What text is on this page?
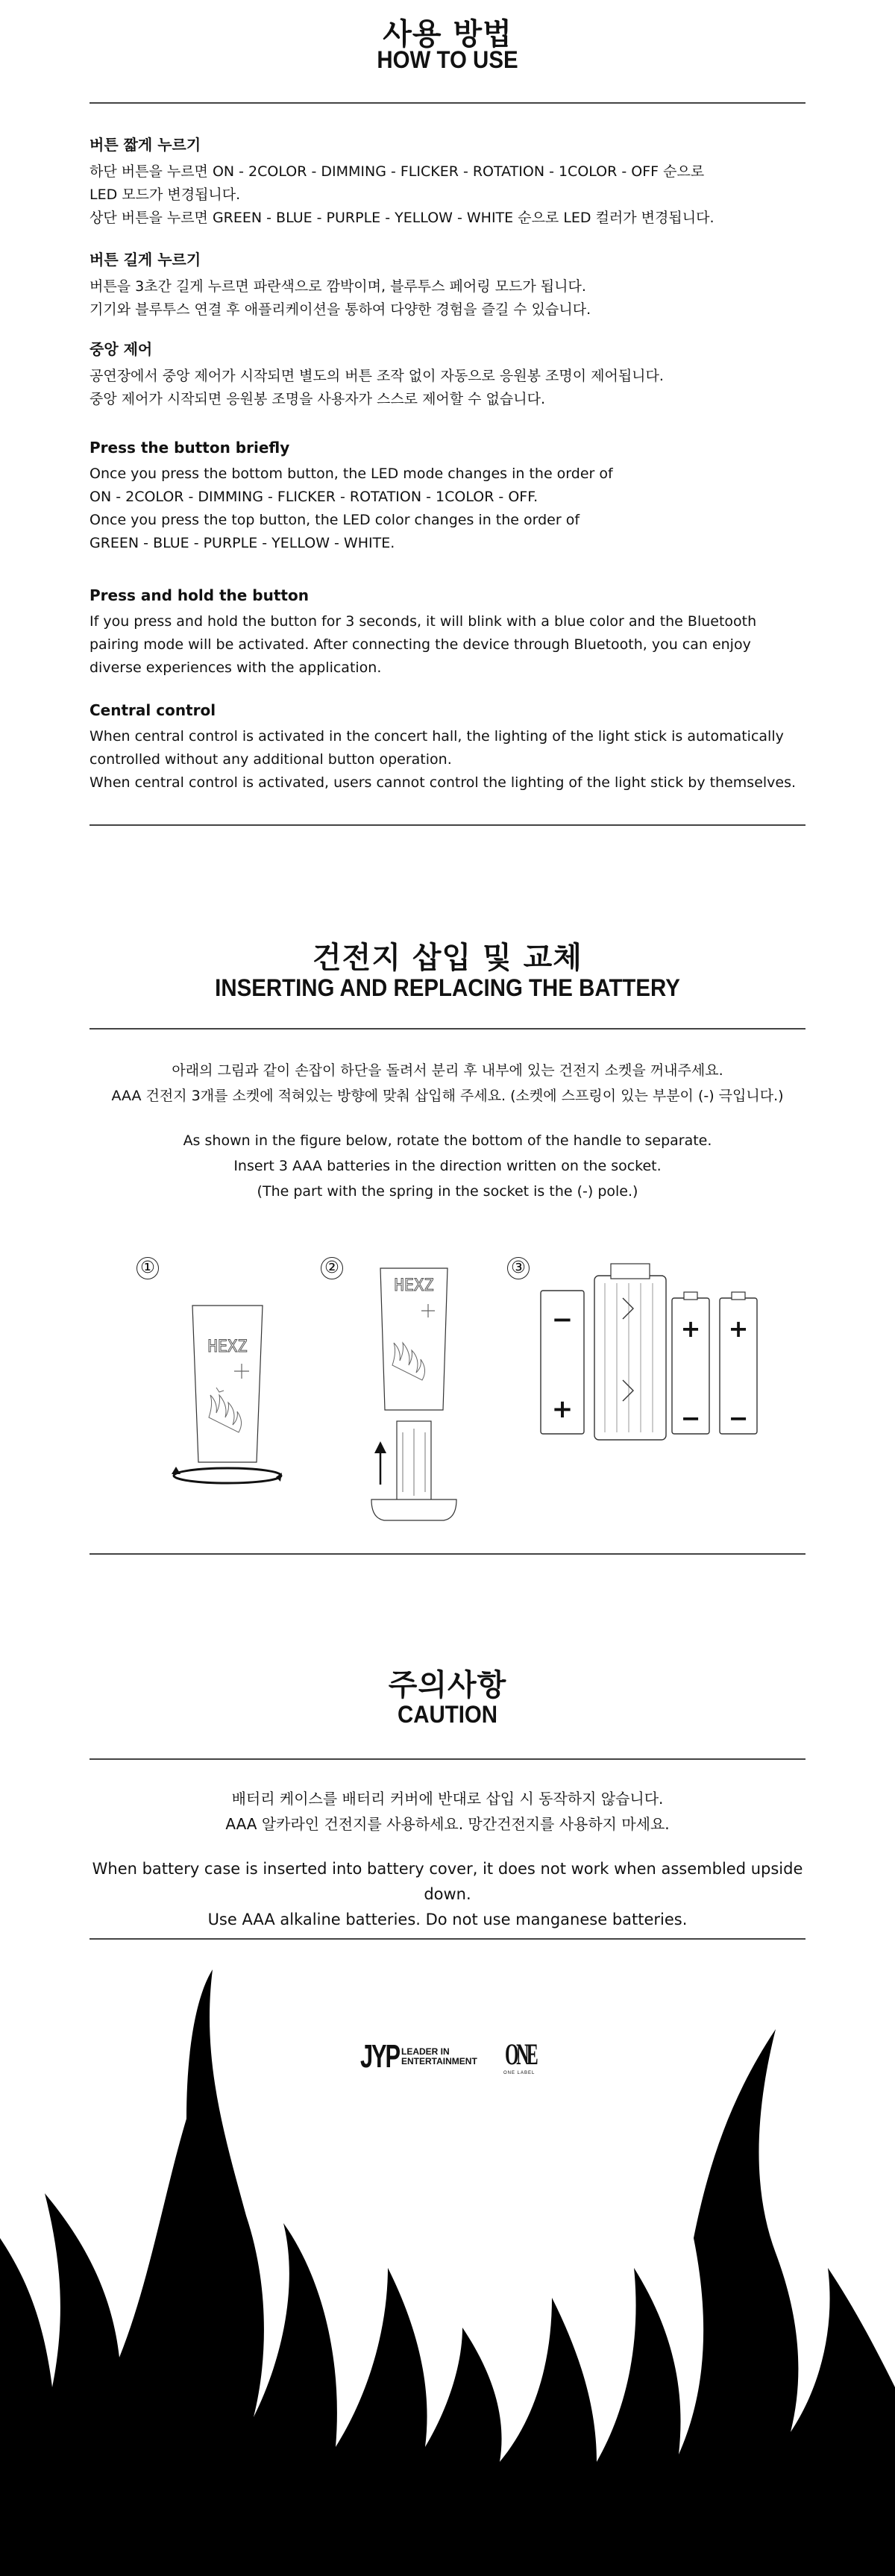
사용 방법
HOW TO USE
버튼 짧게 누르기
하단 버튼을 누르면 ON - 2COLOR - DIMMING - FLICKER - ROTATION - 1COLOR - OFF 순으로
LED 모드가 변경됩니다.
상단 버튼을 누르면 GREEN - BLUE - PURPLE - YELLOW - WHITE 순으로 LED 컬러가 변경됩니다.
버튼 길게 누르기
버튼을 3초간 길게 누르면 파란색으로 깜박이며, 블루투스 페어링 모드가 됩니다.
기기와 블루투스 연결 후 애플리케이션을 통하여 다양한 경험을 즐길 수 있습니다.
중앙 제어
공연장에서 중앙 제어가 시작되면 별도의 버튼 조작 없이 자동으로 응원봉 조명이 제어됩니다.
중앙 제어가 시작되면 응원봉 조명을 사용자가 스스로 제어할 수 없습니다.
Press the button briefly
Once you press the bottom button, the LED mode changes in the order of
ON - 2COLOR - DIMMING - FLICKER - ROTATION - 1COLOR - OFF.
Once you press the top button, the LED color changes in the order of
GREEN - BLUE - PURPLE - YELLOW - WHITE.
Press and hold the button
If you press and hold the button for 3 seconds, it will blink with a blue color and the Bluetooth
pairing mode will be activated. After connecting the device through Bluetooth, you can enjoy
diverse experiences with the application.
Central control
When central control is activated in the concert hall, the lighting of the light stick is automatically
controlled without any additional button operation.
When central control is activated, users cannot control the lighting of the light stick by themselves.
건전지 삽입 및 교체
INSERTING AND REPLACING THE BATTERY
아래의 그림과 같이 손잡이 하단을 돌려서 분리 후 내부에 있는 건전지 소켓을 꺼내주세요.
AAA 건전지 3개를 소켓에 적혀있는 방향에 맞춰 삽입해 주세요. (소켓에 스프링이 있는 부분이 (-) 극입니다.)
As shown in the figure below, rotate the bottom of the handle to separate.
Insert 3 AAA batteries in the direction written on the socket.
(The part with the spring in the socket is the (-) pole.)
①	②	③
HEXZ
HEXZ
−
+
+
−
+
−
주의사항
CAUTION
배터리 케이스를 배터리 커버에 반대로 삽입 시 동작하지 않습니다.
AAA 알카라인 건전지를 사용하세요. 망간건전지를 사용하지 마세요.
When battery case is inserted into battery cover, it does not work when assembled upside down.
Use AAA alkaline batteries. Do not use manganese batteries.
JYP LEADER IN
ENTERTAINMENT ONE
ONE LABEL
